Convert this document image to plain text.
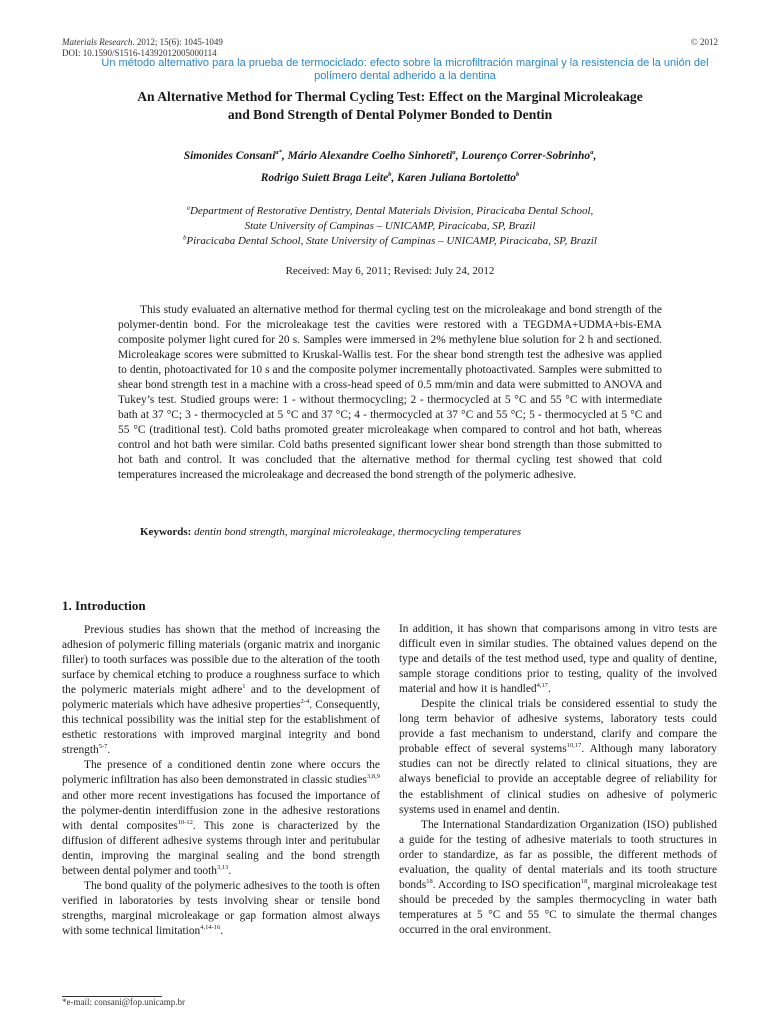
Materials Research. 2012; 15(6): 1045-1049
DOI: 10.1590/S1516-14392012005000114
© 2012
Un método alternativo para la prueba de termociclado: efecto sobre la microfiltración marginal y la resistencia de la unión del polímero dental adherido a la dentina
An Alternative Method for Thermal Cycling Test: Effect on the Marginal Microleakage
and Bond Strength of Dental Polymer Bonded to Dentin
Simonides Consani$^{a*}$, Mário Alexandre Coelho Sinhoreti$^a$, Lourenço Correr-Sobrinho$^a$,
Rodrigo Suiett Braga Leite$^b$, Karen Juliana Bortoletto$^b$
$^a$Department of Restorative Dentistry, Dental Materials Division, Piracicaba Dental School,
State University of Campinas – UNICAMP, Piracicaba, SP, Brazil
$^b$Piracicaba Dental School, State University of Campinas – UNICAMP, Piracicaba, SP, Brazil
Received: May 6, 2011; Revised: July 24, 2012
This study evaluated an alternative method for thermal cycling test on the microleakage and bond strength of the polymer-dentin bond. For the microleakage test the cavities were restored with a TEGDMA+UDMA+bis-EMA composite polymer light cured for 20 s. Samples were immersed in 2% methylene blue solution for 2 h and sectioned. Microleakage scores were submitted to Kruskal-Wallis test. For the shear bond strength test the adhesive was applied to dentin, photoactivated for 10 s and the composite polymer incrementally photoactivated. Samples were submitted to shear bond strength test in a machine with a cross-head speed of 0.5 mm/min and data were submitted to ANOVA and Tukey’s test. Studied groups were: 1 - without thermocycling; 2 - thermocycled at 5 °C and 55 °C with intermediate bath at 37 °C; 3 - thermocycled at 5 °C and 37 °C; 4 - thermocycled at 37 °C and 55 °C; 5 - thermocycled at 5 °C and 55 °C (traditional test). Cold baths promoted greater microleakage when compared to control and hot bath, whereas control and hot bath were similar. Cold baths presented significant lower shear bond strength than those submitted to hot bath and control. It was concluded that the alternative method for thermal cycling test showed that cold temperatures increased the microleakage and decreased the bond strength of the polymeric adhesive.
Keywords: dentin bond strength, marginal microleakage, thermocycling temperatures
1. Introduction

Previous studies has shown that the method of increasing the adhesion of polymeric filling materials (organic matrix and inorganic filler) to tooth surfaces was possible due to the alteration of the tooth surface by chemical etching to produce a roughness surface to which the polymeric materials might adhere$^1$ and to the development of polymeric materials which have adhesive properties$^{2-4}$. Consequently, this technical possibility was the initial step for the establishment of esthetic restorations with improved marginal integrity and bond strength$^{5-7}$.

The presence of a conditioned dentin zone where occurs the polymeric infiltration has also been demonstrated in classic studies$^{3,8,9}$ and other more recent investigations has focused the importance of the polymer-dentin interdiffusion zone in the adhesive restorations with dental composites$^{10-12}$. This zone is characterized by the diffusion of different adhesive systems through inter and peritubular dentin, improving the marginal sealing and the bond strength between dental polymer and tooth$^{3,13}$.

The bond quality of the polymeric adhesives to the tooth is often verified in laboratories by tests involving shear or tensile bond strengths, marginal microleakage or gap formation almost always with some technical limitation$^{4,14-16}$.

In addition, it has shown that comparisons among in vitro tests are difficult even in similar studies. The obtained values depend on the type and details of the test method used, type and quality of dentine, sample storage conditions prior to testing, quality of the involved material and how it is handled$^{4,17}$.

Despite the clinical trials be considered essential to study the long term behavior of adhesive systems, laboratory tests could provide a fast mechanism to understand, clarify and compare the probable effect of several systems$^{10,17}$. Although many laboratory studies can not be directly related to clinical situations, they are always beneficial to provide an acceptable degree of reliability for the establishment of clinical studies on adhesive of polymeric systems used in enamel and dentin.

The International Standardization Organization (ISO) published a guide for the testing of adhesive materials to tooth structures in order to standardize, as far as possible, the different methods of evaluation, the quality of dental materials and its tooth structure bonds$^{18}$. According to ISO specification$^{18}$, marginal microleakage test should be preceded by the samples thermocycling in water bath temperatures at 5 °C and 55 °C to simulate the thermal changes occurred in the oral environment.

*e-mail: consani@fop.unicamp.br
